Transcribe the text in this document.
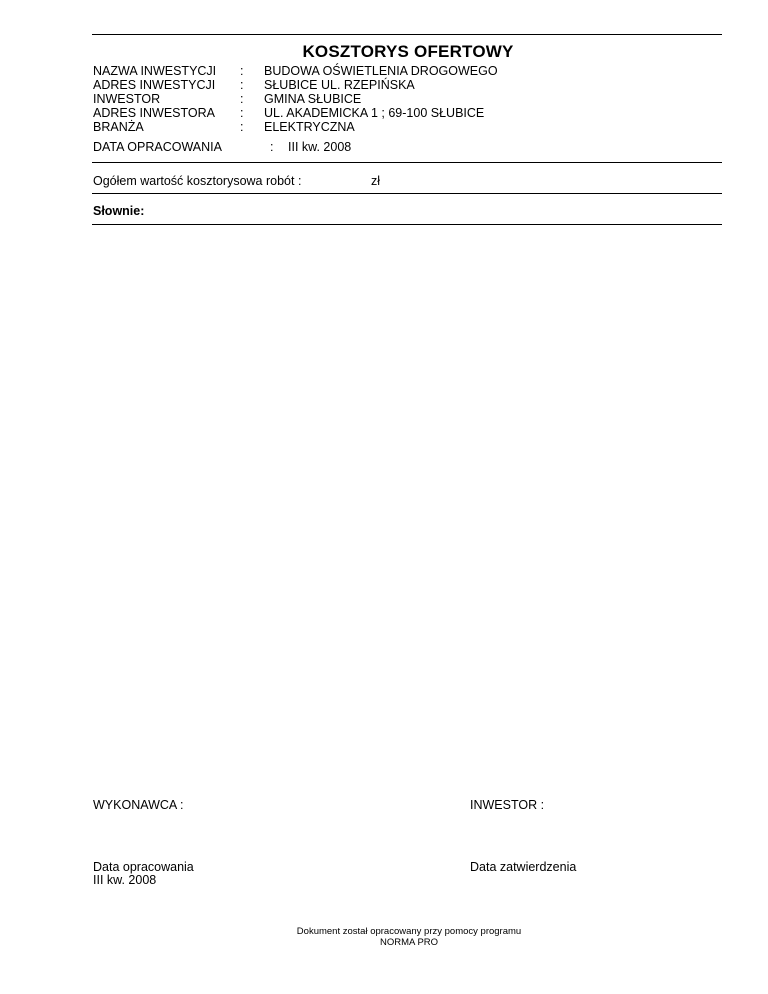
KOSZTORYS OFERTOWY
NAZWA INWESTYCJI	:	BUDOWA OŚWIETLENIA DROGOWEGO
ADRES INWESTYCJI	:	SŁUBICE UL. RZEPIŃSKA
INWESTOR	:	GMINA SŁUBICE
ADRES INWESTORA	:	UL. AKADEMICKA 1 ; 69-100 SŁUBICE
BRANŻA	:	ELEKTRYCZNA
DATA OPRACOWANIA	:	III kw. 2008
Ogółem wartość kosztorysowa robót :	zł
Słownie:
WYKONAWCA :	INWESTOR :
Data opracowania
III kw. 2008
Data zatwierdzenia
Dokument został opracowany przy pomocy programu
NORMA PRO
